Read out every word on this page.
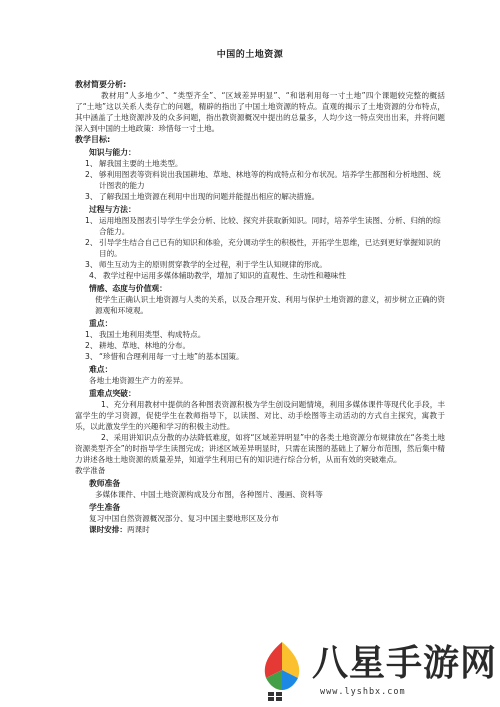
中国的土地资源

教材简要分析:

教材用“人多地少”、“类型齐全”、“区域差异明显”、“和谐利用每一寸土地”四个课题较完整的概括了“土地”这以关系人类存亡的问题，精辟的指出了中国土地资源的特点。直观的揭示了土地资源的分布特点，其中涵盖了土地资源涉及的众多问题，指出教资源概况中提出的总量多，人均少这一特点突出出来，并将问题深入到中国的土地政策：珍惜每一寸土地。

教学目标:

知识与能力：

1、 解我国主要的土地类型。
2、 够利用图表等资料说出我国耕地、草地、林地等的构成特点和分布状况。培养学生都图和分析地图、统计图表的能力
3、 了解我国土地资源在利用中出现的问题并能提出相应的解决措施。

过程与方法：

1、 运用地图及图表引导学生学会分析、比较、探究并获取新知识。同时，培养学生读图、分析、归纳的综合能力。
2、 引导学生结合自己已有的知识和体验，充分调动学生的积极性，开拓学生思维，已达到更好掌握知识的目的。
3、 师生互动为主的原则贯穿教学的全过程，利于学生认知规律的形成。
4、 教学过程中运用多媒体辅助教学，增加了知识的直观性、生动性和趣味性

情感、态度与价值观：

使学生正确认识土地资源与人类的关系，以及合理开发、利用与保护土地资源的意义，初步树立正确的资源观和环境观。

重点：

1、 我国土地利用类型、构成特点。
2、 耕地、草地、林地的分布。
3、 “珍惜和合理利用每一寸土地”的基本国策。

难点：

各地土地资源生产力的差异。

重难点突破：

1、充分利用教材中提供的各种图表资源积极为学生创设问题情境，利用多媒体课件等现代化手段，丰富学生的学习资源，促使学生在教师指导下，以读图、对比、动手绘图等主动活动的方式自主探究，寓教于乐，以此激发学生的兴趣和学习的积极主动性。

2、采用讲知识点分散的办法降低难度，如将“区域差异明显”中的各类土地资源分布规律放在“各类土地资源类型齐全”的时指导学生读图完成；讲述区域差异明显时，只需在读图的基础上了解分布范围，然后集中精力讲述各地土地资源的质量差异，知道学生利用已有的知识进行综合分析，从而有效的突破难点。

教学准备

教师准备

多媒体课件、中国土地资源构成及分布图，各种图片、漫画、资料等

学生准备

复习中国自然资源概况部分、复习中国主要地形区及分布

课时安排：两课时

八星手游网
www.lyshbx.com
